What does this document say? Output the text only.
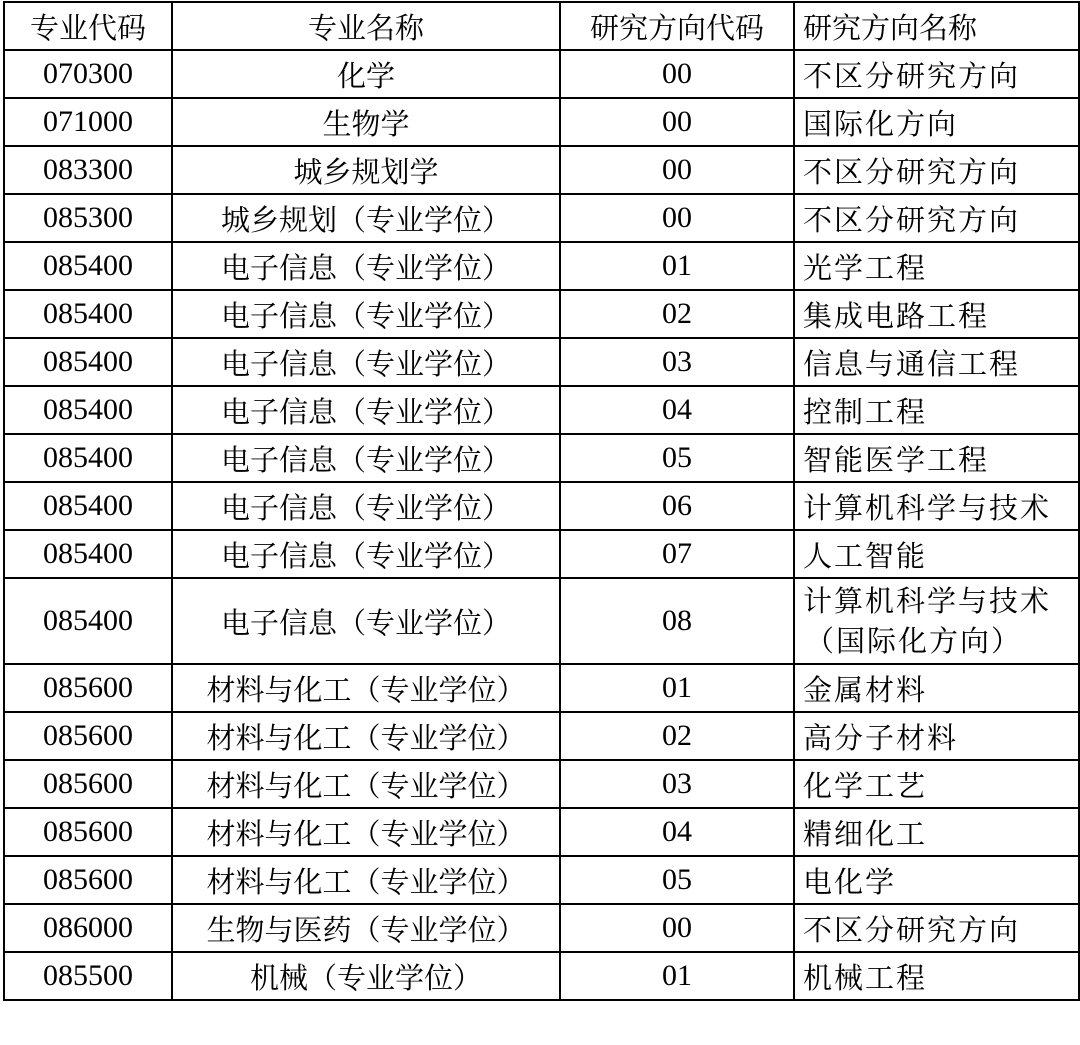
专业代码	专业名称	研究方向代码	研究方向名称
070300	化学	00	不区分研究方向
071000	生物学	00	国际化方向
083300	城乡规划学	00	不区分研究方向
085300	城乡规划（专业学位）	00	不区分研究方向
085400	电子信息（专业学位）	01	光学工程
085400	电子信息（专业学位）	02	集成电路工程
085400	电子信息（专业学位）	03	信息与通信工程
085400	电子信息（专业学位）	04	控制工程
085400	电子信息（专业学位）	05	智能医学工程
085400	电子信息（专业学位）	06	计算机科学与技术
085400	电子信息（专业学位）	07	人工智能
085400	电子信息（专业学位）	08	计算机科学与技术
（国际化方向）

085600	材料与化工（专业学位）	01	金属材料
085600	材料与化工（专业学位）	02	高分子材料
085600	材料与化工（专业学位）	03	化学工艺
085600	材料与化工（专业学位）	04	精细化工
085600	材料与化工（专业学位）	05	电化学
086000	生物与医药（专业学位）	00	不区分研究方向
085500	机械（专业学位）	01	机械工程
